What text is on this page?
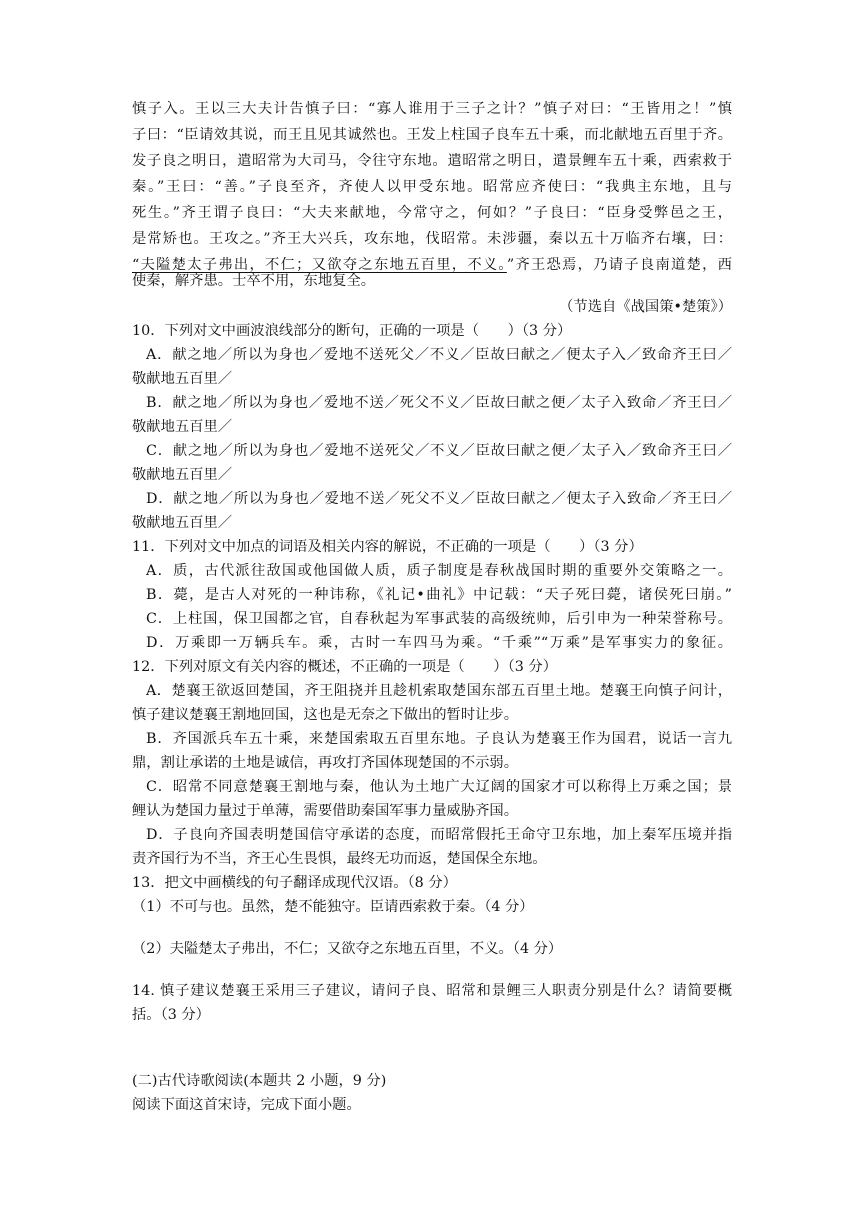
慎子入。王以三大夫计告慎子曰：“寡人谁用于三子之计？”慎子对曰：“王皆用之！”慎
子曰：“臣请效其说，而王且见其诚然也。王发上柱国子良车五十乘，而北献地五百里于齐。
发子良之明日，遣昭常为大司马，令往守东地。遣昭常之明日，遣景鲤车五十乘，西索救于
秦。”王曰：“善。”子良至齐，齐使人以甲受东地。昭常应齐使曰：“我典主东地，且与
死生。”齐王谓子良曰：“大夫来献地，今常守之，何如？”子良曰：“臣身受弊邑之王，
是常矫也。王攻之。”齐王大兴兵，攻东地，伐昭常。未涉疆，秦以五十万临齐右壤，曰：
“夫隘楚太子弗出，不仁；又欲夺之东地五百里，不义。”齐王恐焉，乃请子良南道楚，西
使秦，解齐患。士卒不用，东地复全。
（节选自《战国策•楚策》）
10．下列对文中画波浪线部分的断句，正确的一项是（　　）（3 分）
A．献之地／所以为身也／爱地不送死父／不义／臣故曰献之／便太子入／致命齐王曰／
敬献地五百里／
B．献之地／所以为身也／爱地不送／死父不义／臣故曰献之便／太子入致命／齐王曰／
敬献地五百里／
C．献之地／所以为身也／爱地不送死父／不义／臣故曰献之便／太子入／致命齐王曰／
敬献地五百里／
D．献之地／所以为身也／爱地不送／死父不义／臣故曰献之／便太子入致命／齐王曰／
敬献地五百里／
11．下列对文中加点的词语及相关内容的解说，不正确的一项是（　　）（3 分）
A．质，古代派往敌国或他国做人质，质子制度是春秋战国时期的重要外交策略之一。
B．薨，是古人对死的一种讳称，《礼记•曲礼》中记载：“天子死曰薨，诸侯死曰崩。”
C．上柱国，保卫国都之官，自春秋起为军事武装的高级统帅，后引申为一种荣誉称号。
D．万乘即一万辆兵车。乘，古时一车四马为乘。“千乘”“万乘”是军事实力的象征。
12．下列对原文有关内容的概述，不正确的一项是（　　）（3 分）
A．楚襄王欲返回楚国，齐王阻挠并且趁机索取楚国东部五百里土地。楚襄王向慎子问计，
慎子建议楚襄王割地回国，这也是无奈之下做出的暂时让步。
B．齐国派兵车五十乘，来楚国索取五百里东地。子良认为楚襄王作为国君，说话一言九
鼎，割让承诺的土地是诚信，再攻打齐国体现楚国的不示弱。
C．昭常不同意楚襄王割地与秦，他认为土地广大辽阔的国家才可以称得上万乘之国；景
鲤认为楚国力量过于单薄，需要借助秦国军事力量威胁齐国。
D．子良向齐国表明楚国信守承诺的态度，而昭常假托王命守卫东地，加上秦军压境并指
责齐国行为不当，齐王心生畏惧，最终无功而返，楚国保全东地。
13．把文中画横线的句子翻译成现代汉语。（8 分）
（1）不可与也。虽然，楚不能独守。臣请西索救于秦。（4 分）
（2）夫隘楚太子弗出，不仁；又欲夺之东地五百里，不义。（4 分）
14. 慎子建议楚襄王采用三子建议，请问子良、昭常和景鲤三人职责分别是什么？请简要概
括。（3 分）
(二)古代诗歌阅读(本题共 2 小题，9 分)
阅读下面这首宋诗，完成下面小题。
